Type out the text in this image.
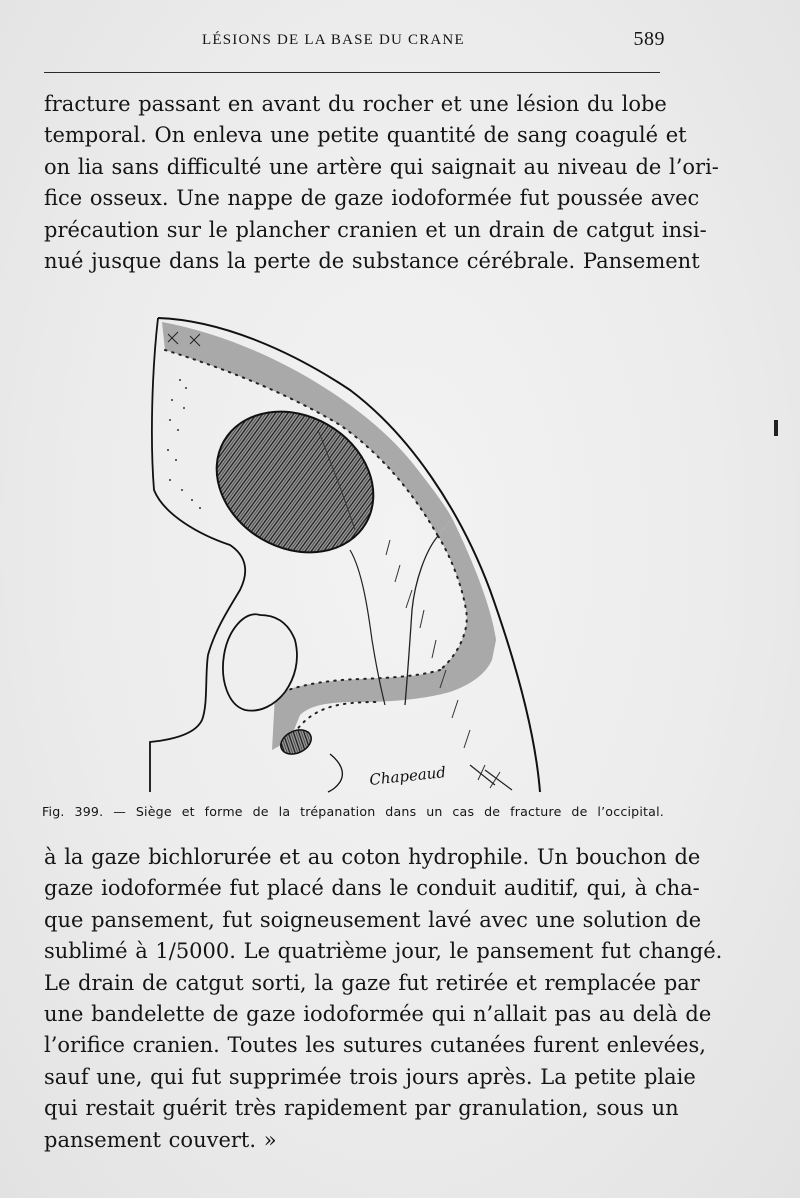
LÉSIONS DE LA BASE DU CRANE	589

fracture passant en avant du rocher et une lésion du lobe
temporal. On enleva une petite quantité de sang coagulé et
on lia sans difficulté une artère qui saignait au niveau de l’ori-
fice osseux. Une nappe de gaze iodoformée fut poussée avec
précaution sur le plancher cranien et un drain de catgut insi-
nué jusque dans la perte de substance cérébrale. Pansement

Chapeaud
Fig. 399. — Siège et forme de la trépanation dans un cas de fracture de l’occipital.

à la gaze bichlorurée et au coton hydrophile. Un bouchon de
gaze iodoformée fut placé dans le conduit auditif, qui, à cha-
que pansement, fut soigneusement lavé avec une solution de
sublimé à 1/5000. Le quatrième jour, le pansement fut changé.
Le drain de catgut sorti, la gaze fut retirée et remplacée par
une bandelette de gaze iodoformée qui n’allait pas au delà de
l’orifice cranien. Toutes les sutures cutanées furent enlevées,
sauf une, qui fut supprimée trois jours après. La petite plaie
qui restait guérit très rapidement par granulation, sous un
pansement couvert. »
